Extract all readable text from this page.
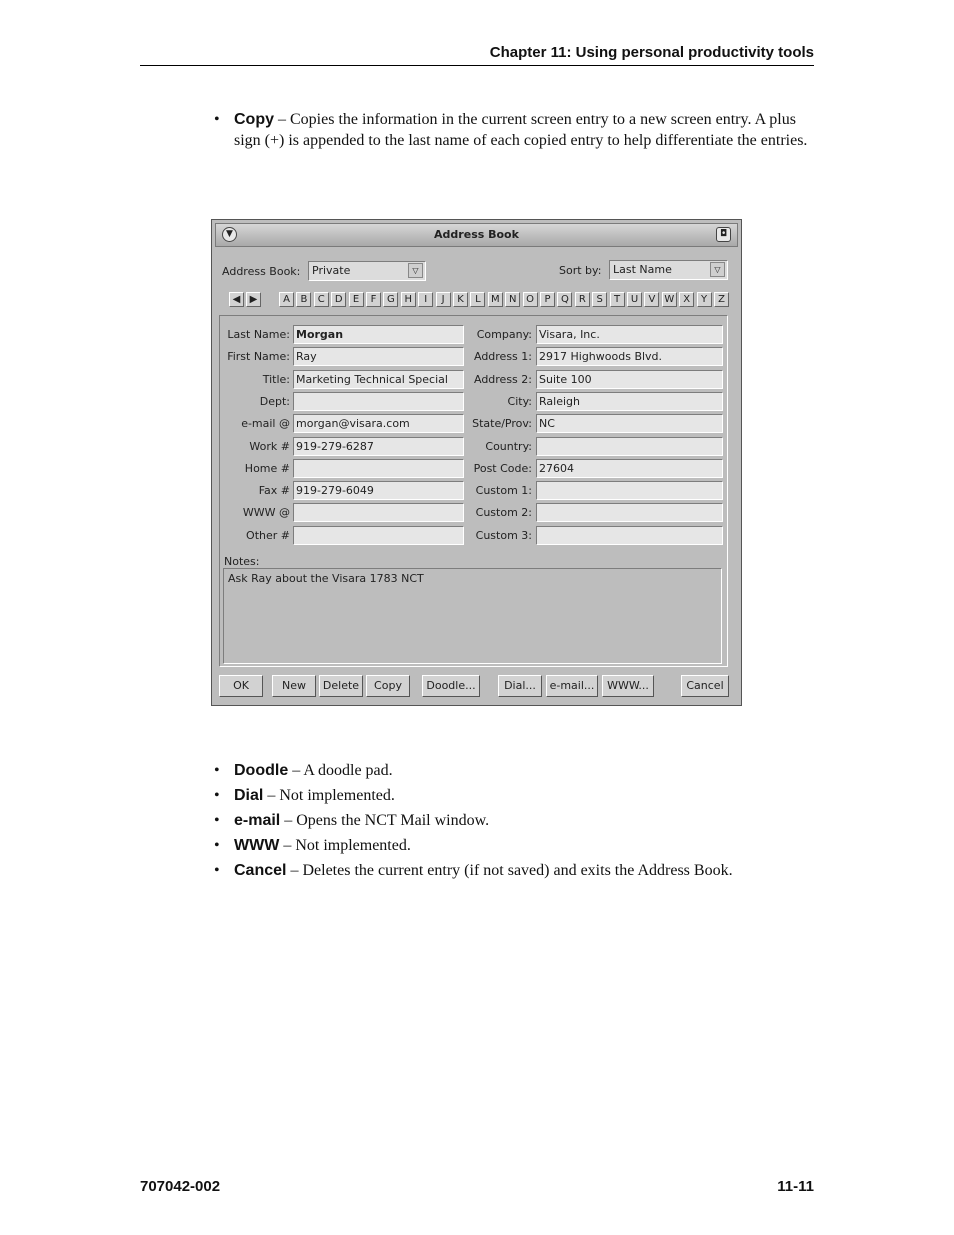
Chapter 11: Using personal productivity tools
• Copy – Copies the information in the current screen entry to a new screen entry. A plus sign (+) is appended to the last name of each copied entry to help differentiate the entries.
▼	Address Book	◘
Address Book:	Private	▽	Sort by:	Last Name	▽
◀ ▶	A	B	C	D	E	F	G H	I	J	K	L	M N O	P	Q R	S	T	U	V W X	Y	Z
Notes:
Ask Ray about the Visara 1783 NCT
OK	New	Delete	Copy	Doodle...	Dial...	e-mail...	WWW...	Cancel
Last Name: Morgan
First Name: Ray
Title: Marketing Technical Special
Dept:
e-mail @ morgan@visara.com
Work # 919-279-6287
Home #
Fax # 919-279-6049
WWW @
Other #
Company: Visara, Inc.
Address 1: 2917 Highwoods Blvd.
Address 2: Suite 100
City: Raleigh
State/Prov: NC
Country:
Post Code: 27604
Custom 1:
Custom 2:
Custom 3:
• Doodle – A doodle pad.
• Dial – Not implemented.
• e-mail – Opens the NCT Mail window.
• WWW – Not implemented.
• Cancel – Deletes the current entry (if not saved) and exits the Address Book.
707042-002	11-11
